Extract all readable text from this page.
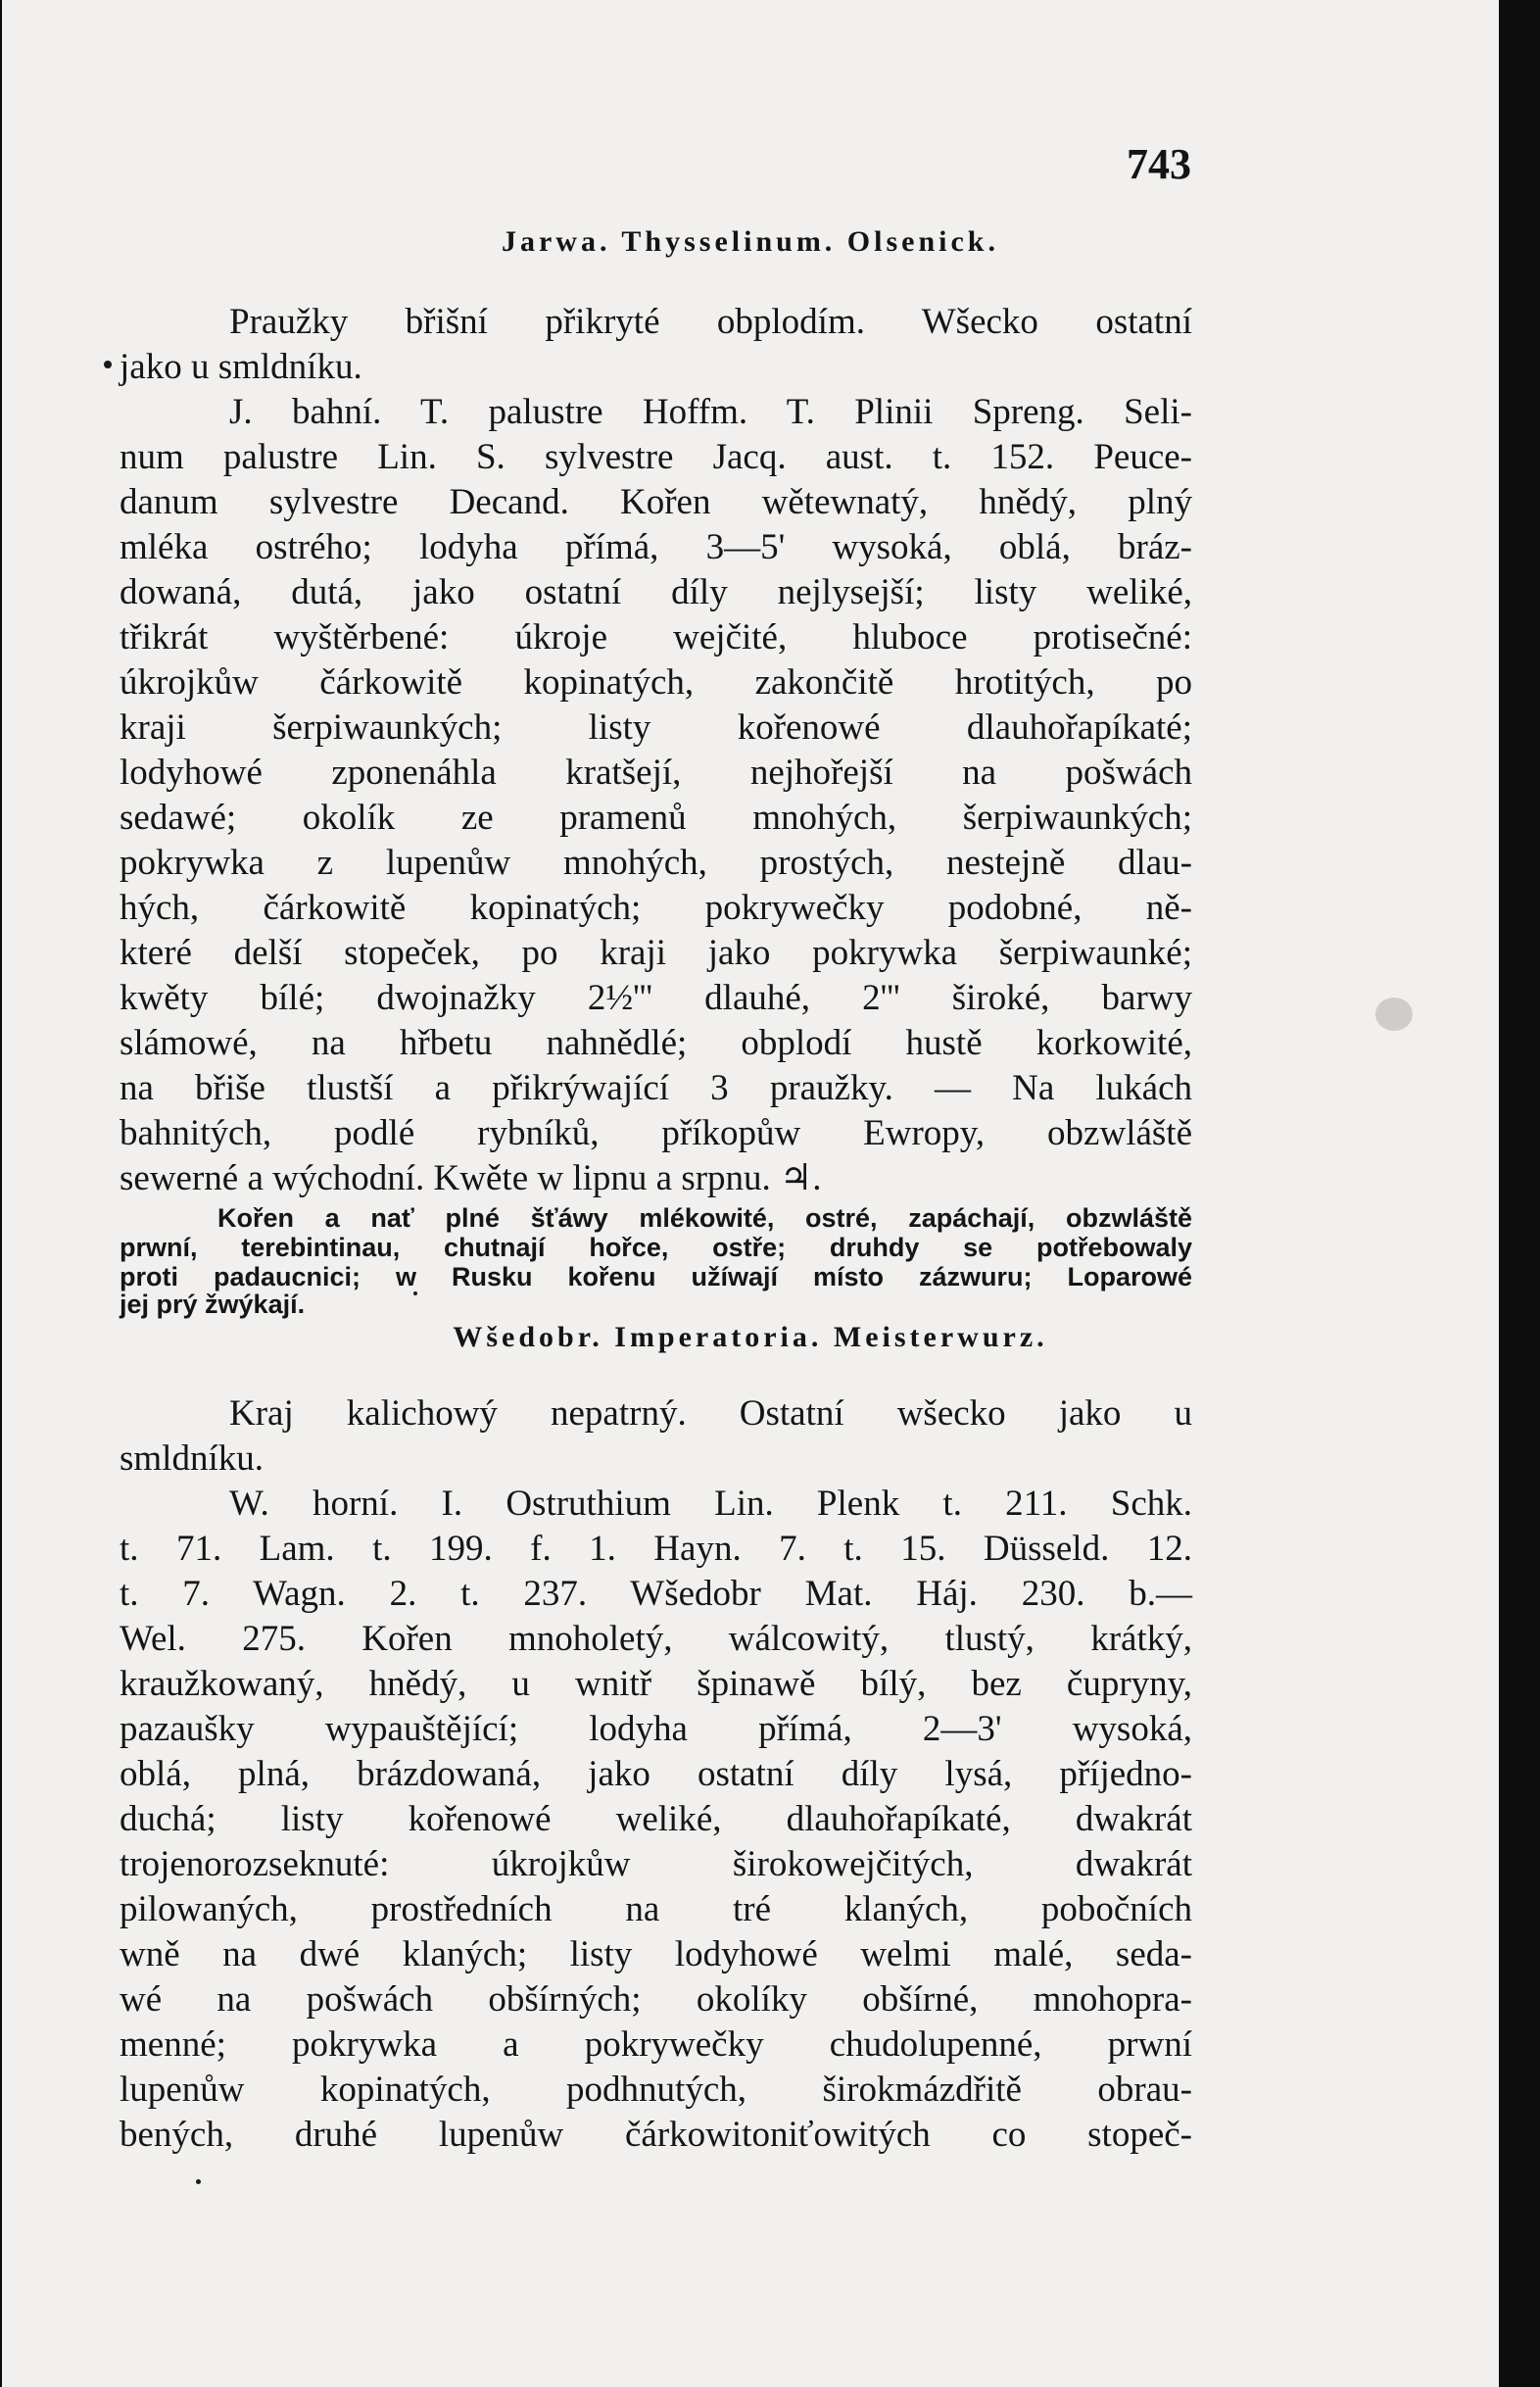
743
Jarwa. Thysselinum. Olsenick.
Praužky břišní přikryté obplodím. Wšecko ostatní
jako u smldníku.
J. bahní. T. palustre Hoffm. T. Plinii Spreng. Seli-
num palustre Lin. S. sylvestre Jacq. aust. t. 152. Peuce-
danum sylvestre Decand. Kořen wětewnatý, hnědý, plný
mléka ostrého; lodyha přímá, 3—5' wysoká, oblá, bráz-
dowaná, dutá, jako ostatní díly nejlysejší; listy weliké,
třikrát wyštěrbené: úkroje wejčité, hluboce protisečné:
úkrojkůw čárkowitě kopinatých, zakončitě hrotitých, po
kraji šerpiwaunkých; listy kořenowé dlauhořapíkaté;
lodyhowé zponenáhla kratšejí, nejhořejší na pošwách
sedawé; okolík ze pramenů mnohých, šerpiwaunkých;
pokrywka z lupenůw mnohých, prostých, nestejně dlau-
hých, čárkowitě kopinatých; pokrywečky podobné, ně-
které delší stopeček, po kraji jako pokrywka šerpiwaunké;
kwěty bílé; dwojnažky 2½''' dlauhé, 2''' široké, barwy
slámowé, na hřbetu nahnědlé; obplodí hustě korkowité,
na břiše tlustší a přikrýwající 3 praužky. — Na lukách
bahnitých, podlé rybníků, příkopůw Ewropy, obzwláště
sewerné a wýchodní. Kwěte w lipnu a srpnu. ♃.
Kořen a nať plné šťáwy mlékowité, ostré, zapáchají, obzwláště
prwní, terebintinau, chutnají hořce, ostře; druhdy se potřebowaly
proti padaucnici; w Rusku kořenu užíwají místo zázwuru; Loparowé
jej prý žwýkají.
Wšedobr. Imperatoria. Meisterwurz.
Kraj kalichowý nepatrný. Ostatní wšecko jako u
smldníku.
W. horní. I. Ostruthium Lin. Plenk t. 211. Schk.
t. 71. Lam. t. 199. f. 1. Hayn. 7. t. 15. Düsseld. 12.
t. 7. Wagn. 2. t. 237. Wšedobr Mat. Háj. 230. b.—
Wel. 275. Kořen mnoholetý, wálcowitý, tlustý, krátký,
kraužkowaný, hnědý, u wnitř špinawě bílý, bez čupryny,
pazaušky wypauštějící; lodyha přímá, 2—3' wysoká,
oblá, plná, brázdowaná, jako ostatní díly lysá, příjedno-
duchá; listy kořenowé weliké, dlauhořapíkaté, dwakrát
trojenorozseknuté: úkrojkůw širokowejčitých, dwakrát
pilowaných, prostředních na tré klaných, pobočních
wně na dwé klaných; listy lodyhowé welmi malé, seda-
wé na pošwách obšírných; okolíky obšírné, mnohopra-
menné; pokrywka a pokrywečky chudolupenné, prwní
lupenůw kopinatých, podhnutých, širokmázdřitě obrau-
bených, druhé lupenůw čárkowitoniťowitých co stopeč-
